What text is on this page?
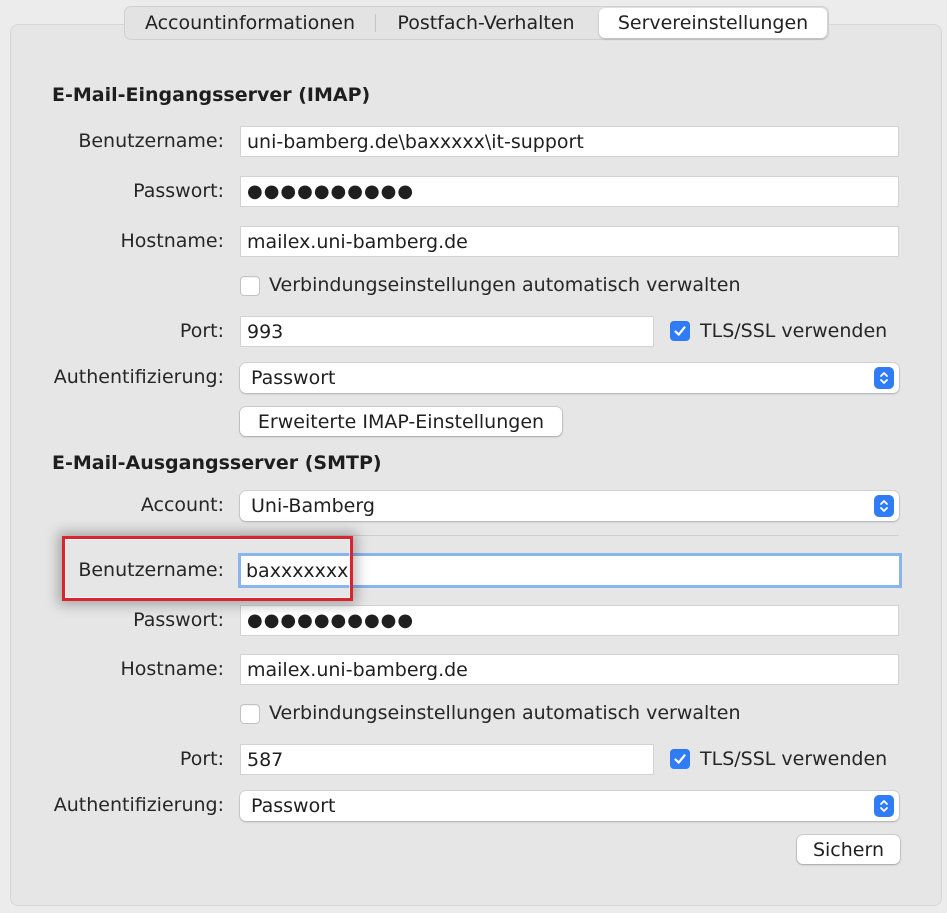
Accountinformationen	Postfach-Verhalten	Servereinstellungen
E-Mail-Eingangsserver (IMAP)
Benutzername:	uni-bamberg.de\baxxxxx\it-support
Passwort:	●●●●●●●●●●
Hostname:	mailex.uni-bamberg.de
Verbindungseinstellungen automatisch verwalten
Port:	993	TLS/SSL verwenden
Authentifizierung: Passwort
Erweiterte IMAP-Einstellungen
E-Mail-Ausgangsserver (SMTP)
Account: Uni-Bamberg
Benutzername:	baxxxxxxx
Passwort:	●●●●●●●●●●
Hostname:	mailex.uni-bamberg.de
Verbindungseinstellungen automatisch verwalten
Port:	587	TLS/SSL verwenden
Authentifizierung: Passwort
Sichern
